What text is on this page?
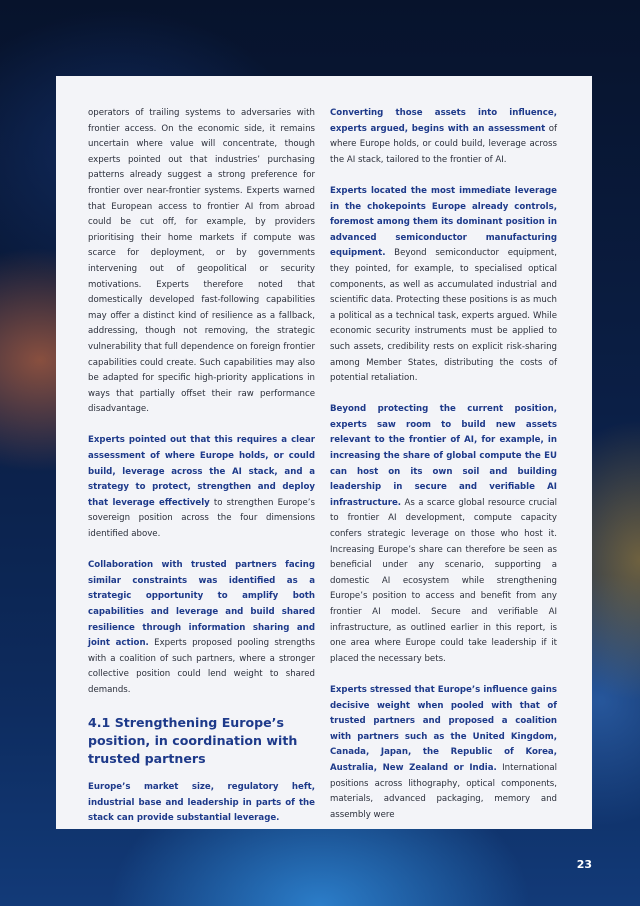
operators of trailing systems to adversaries with frontier access. On the economic side, it remains uncertain where value will concentrate, though experts pointed out that industries’ purchasing patterns already suggest a strong preference for frontier over near-frontier systems. Experts warned that European access to frontier AI from abroad could be cut off, for example, by providers prioritising their home markets if compute was scarce for deployment, or by governments intervening out of geopolitical or security motivations. Experts therefore noted that domestically developed fast-following capabilities may offer a distinct kind of resilience as a fallback, addressing, though not removing, the strategic vulnerability that full dependence on foreign frontier capabilities could create. Such capabilities may also be adapted for specific high-priority applications in ways that partially offset their raw performance disadvantage.

Experts pointed out that this requires a clear assessment of where Europe holds, or could build, leverage across the AI stack, and a strategy to protect, strengthen and deploy that leverage effectively to strengthen Europe’s sovereign position across the four dimensions identified above.

Collaboration with trusted partners facing similar constraints was identified as a strategic opportunity to amplify both capabilities and leverage and build shared resilience through information sharing and joint action. Experts proposed pooling strengths with a coalition of such partners, where a stronger collective position could lend weight to shared demands.

4.1 Strengthening Europe’s position, in coordination with trusted partners

Europe’s market size, regulatory heft, industrial base and leadership in parts of the stack can provide substantial leverage.

Converting those assets into influence, experts argued, begins with an assessment of where Europe holds, or could build, leverage across the AI stack, tailored to the frontier of AI.

Experts located the most immediate leverage in the chokepoints Europe already controls, foremost among them its dominant position in advanced semiconductor manufacturing equipment. Beyond semiconductor equipment, they pointed, for example, to specialised optical components, as well as accumulated industrial and scientific data. Protecting these positions is as much a political as a technical task, experts argued. While economic security instruments must be applied to such assets, credibility rests on explicit risk-sharing among Member States, distributing the costs of potential retaliation.

Beyond protecting the current position, experts saw room to build new assets relevant to the frontier of AI, for example, in increasing the share of global compute the EU can host on its own soil and building leadership in secure and verifiable AI infrastructure. As a scarce global resource crucial to frontier AI development, compute capacity confers strategic leverage on those who host it. Increasing Europe’s share can therefore be seen as beneficial under any scenario, supporting a domestic AI ecosystem while strengthening Europe’s position to access and benefit from any frontier AI model. Secure and verifiable AI infrastructure, as outlined earlier in this report, is one area where Europe could take leadership if it placed the necessary bets.

Experts stressed that Europe’s influence gains decisive weight when pooled with that of trusted partners and proposed a coalition with partners such as the United Kingdom, Canada, Japan, the Republic of Korea, Australia, New Zealand or India. International positions across lithography, optical components, materials, advanced packaging, memory and assembly were

23
